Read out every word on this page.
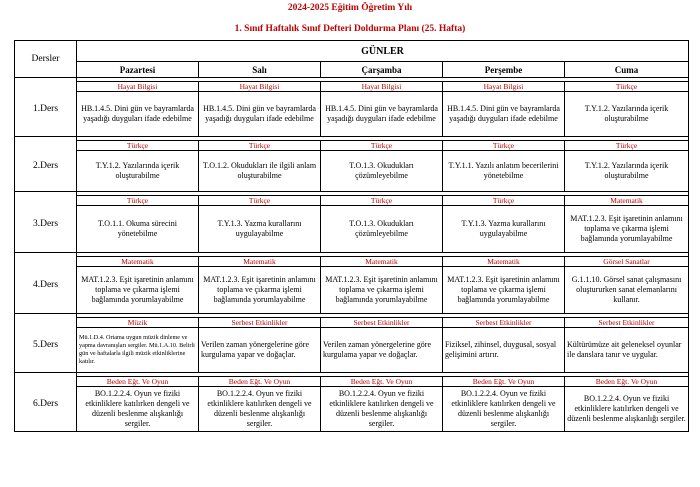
2024-2025 Eğitim Öğretim Yılı
1. Sınıf Haftalık Sınıf Defteri Doldurma Planı (25. Hafta)
Dersler	GÜNLER				
	Pazartesi	Salı	Çarşamba	Perşembe	Cuma

1.Ders	Hayat Bilgisi	Hayat Bilgisi	Hayat Bilgisi	Hayat Bilgisi	Türkçe
	HB.1.4.5. Dini gün ve bayramlarda yaşadığı duyguları ifade edebilme	HB.1.4.5. Dini gün ve bayramlarda yaşadığı duyguları ifade edebilme	HB.1.4.5. Dini gün ve bayramlarda yaşadığı duyguları ifade edebilme	HB.1.4.5. Dini gün ve bayramlarda yaşadığı duyguları ifade edebilme	T.Y.1.2. Yazılarında içerik oluşturabilme

2.Ders	Türkçe	Türkçe	Türkçe	Türkçe	Türkçe
	T.Y.1.2. Yazılarında içerik oluşturabilme	T.O.1.2. Okudukları ile ilgili anlam oluşturabilme	T.O.1.3. Okudukları çözümleyebilme	T.Y.1.1. Yazılı anlatım becerilerini yönetebilme	T.Y.1.2. Yazılarında içerik oluşturabilme

3.Ders	Türkçe	Türkçe	Türkçe	Türkçe	Matematik
	T.O.1.1. Okuma sürecini yönetebilme	T.Y.1.3. Yazma kurallarını uygulayabilme	T.O.1.3. Okudukları çözümleyebilme	T.Y.1.3. Yazma kurallarını uygulayabilme	MAT.1.2.3. Eşit işaretinin anlamını toplama ve çıkarma işlemi bağlamında yorumlayabilme

4.Ders	Matematik	Matematik	Matematik	Matematik	Görsel Sanatlar
	MAT.1.2.3. Eşit işaretinin anlamını toplama ve çıkarma işlemi bağlamında yorumlayabilme	MAT.1.2.3. Eşit işaretinin anlamını toplama ve çıkarma işlemi bağlamında yorumlayabilme	MAT.1.2.3. Eşit işaretinin anlamını toplama ve çıkarma işlemi bağlamında yorumlayabilme	MAT.1.2.3. Eşit işaretinin anlamını toplama ve çıkarma işlemi bağlamında yorumlayabilme	G.1.1.10. Görsel sanat çalışmasını oluştururken sanat elemanlarını kullanır.

5.Ders	Müzik	Serbest Etkinlikler	Serbest Etkinlikler	Serbest Etkinlikler	Serbest Etkinlikler
	Mü.1.D.4. Ortama uygun müzik dinleme ve yapma davranışları sergiler. Mü.1.A.10. Belirli gün ve haftalarla ilgili müzik etkinliklerine katılır.	Verilen zaman yönergelerine göre kurgulama yapar ve doğaçlar.	Verilen zaman yönergelerine göre kurgulama yapar ve doğaçlar.	Fiziksel, zihinsel, duygusal, sosyal gelişimini artırır.	Kültürümüze ait geleneksel oyunlar ile danslara tanır ve uygular.

6.Ders	Beden Eğt. Ve Oyun	Beden Eğt. Ve Oyun	Beden Eğt. Ve Oyun	Beden Eğt. Ve Oyun	Beden Eğt. Ve Oyun
	BO.1.2.2.4. Oyun ve fiziki etkinliklere katılırken dengeli ve düzenli beslenme alışkanlığı sergiler.	BO.1.2.2.4. Oyun ve fiziki etkinliklere katılırken dengeli ve düzenli beslenme alışkanlığı sergiler.	BO.1.2.2.4. Oyun ve fiziki etkinliklere katılırken dengeli ve düzenli beslenme alışkanlığı sergiler.	BO.1.2.2.4. Oyun ve fiziki etkinliklere katılırken dengeli ve düzenli beslenme alışkanlığı sergiler.	BO.1.2.2.4. Oyun ve fiziki etkinliklere katılırken dengeli ve düzenli beslenme alışkanlığı sergiler.
